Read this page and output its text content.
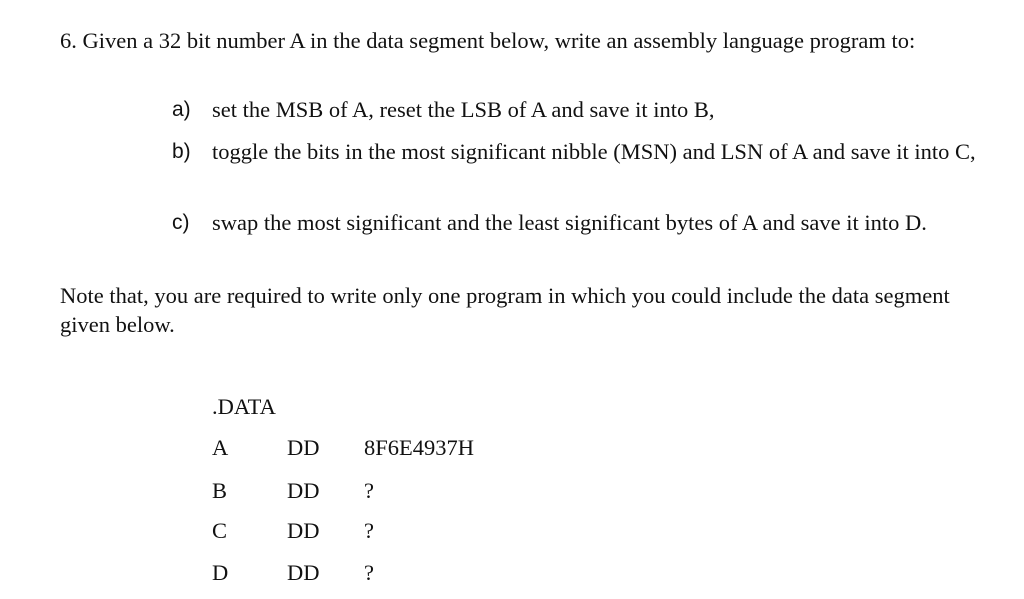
6. Given a 32 bit number A in the data segment below, write an assembly language program to:
a) set the MSB of A, reset the LSB of A and save it into B,
b) toggle the bits in the most significant nibble (MSN) and LSN of A and save it into C,
c) swap the most significant and the least significant bytes of A and save it into D.
Note that, you are required to write only one program in which you could include the data segment given below.
.DATA
A	DD 8F6E4937H
B	DD ?
C	DD ?
D	DD ?
